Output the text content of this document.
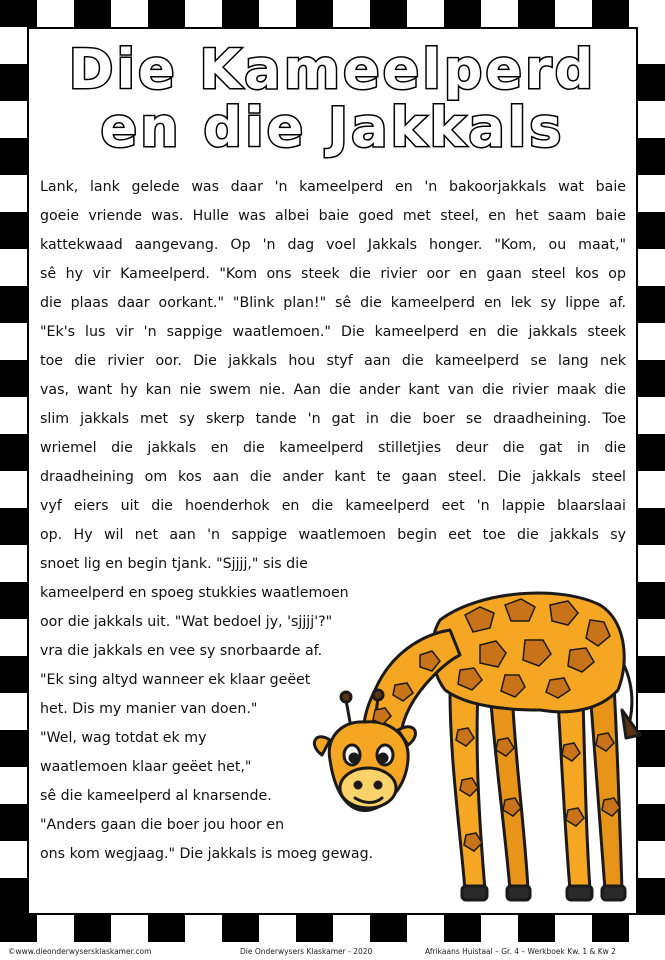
Die Kameelperd
en die Jakkals
Lank, lank gelede was daar 'n kameelperd en 'n bakoorjakkals wat baie
goeie vriende was. Hulle was albei baie goed met steel, en het saam baie
kattekwaad aangevang. Op 'n dag voel Jakkals honger. "Kom, ou maat,"
sê hy vir Kameelperd. "Kom ons steek die rivier oor en gaan steel kos op
die plaas daar oorkant." "Blink plan!" sê die kameelperd en lek sy lippe af.
"Ek's lus vir 'n sappige waatlemoen." Die kameelperd en die jakkals steek
toe die rivier oor. Die jakkals hou styf aan die kameelperd se lang nek
vas, want hy kan nie swem nie. Aan die ander kant van die rivier maak die
slim jakkals met sy skerp tande 'n gat in die boer se draadheining. Toe
wriemel die jakkals en die kameelperd stilletjies deur die gat in die
draadheining om kos aan die ander kant te gaan steel. Die jakkals steel
vyf eiers uit die hoenderhok en die kameelperd eet 'n lappie blaarslaai
op. Hy wil net aan 'n sappige waatlemoen begin eet toe die jakkals sy
snoet lig en begin tjank. "Sjjjj," sis die
kameelperd en spoeg stukkies waatlemoen
oor die jakkals uit. "Wat bedoel jy, 'sjjjj'?"
vra die jakkals en vee sy snorbaarde af.
"Ek sing altyd wanneer ek klaar geëet
het. Dis my manier van doen."
"Wel, wag totdat ek my
waatlemoen klaar geëet het,"
sê die kameelperd al knarsende.
"Anders gaan die boer jou hoor en
ons kom wegjaag." Die jakkals is moeg gewag.
©www.dieonderwysersklaskamer.com	Die Onderwysers Klaskamer - 2020	Afrikaans Huistaal – Gr. 4 – Werkboek Kw. 1 & Kw 2
